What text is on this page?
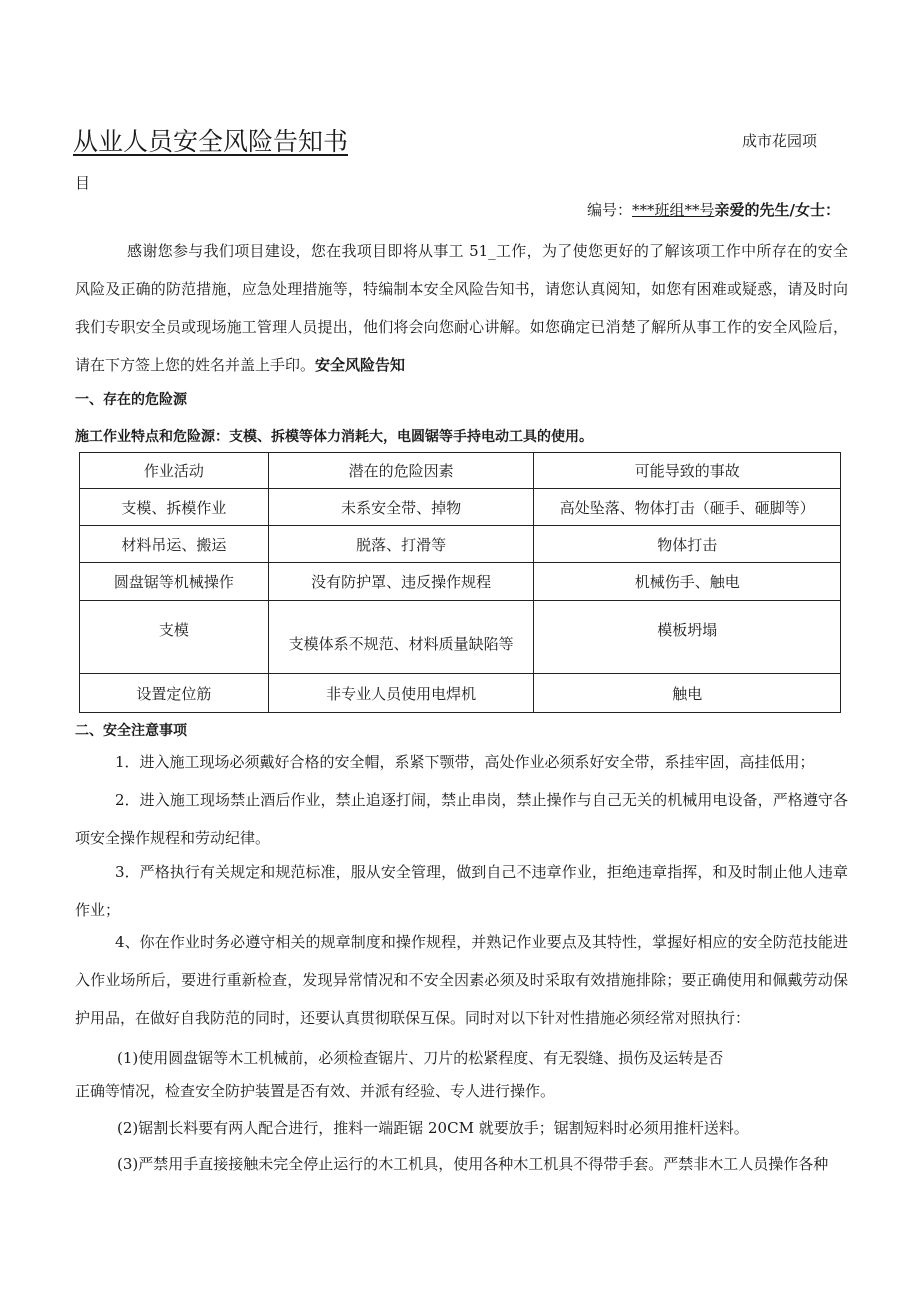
从业人员安全风险告知书	成市花园项
目
编号：***班组**号亲爱的先生/女士：
感谢您参与我们项目建设，您在我项目即将从事工 51_工作，为了使您更好的了解该项工作中所存在的安全风险及正确的防范措施，应急处理措施等，特编制本安全风险告知书，请您认真阅知，如您有困难或疑惑，请及时向我们专职安全员或现场施工管理人员提出，他们将会向您耐心讲解。如您确定已消楚了解所从事工作的安全风险后，请在下方签上您的姓名并盖上手印。安全风险告知
一、存在的危险源
施工作业特点和危险源：支模、拆模等体力消耗大，电圆锯等手持电动工具的使用。
作业活动	潜在的危险因素	可能导致的事故
支模、拆模作业	未系安全带、掉物	高处坠落、物体打击（砸手、砸脚等）
材料吊运、搬运	脱落、打滑等	物体打击
圆盘锯等机械操作	没有防护罩、违反操作规程	机械伤手、触电
支模	支模体系不规范、材料质量缺陷等	模板坍塌
设置定位筋	非专业人员使用电焊机	触电
二、安全注意事项
1．进入施工现场必须戴好合格的安全帽，系紧下颚带，高处作业必须系好安全带，系挂牢固，高挂低用；
2．进入施工现场禁止酒后作业，禁止追逐打闹，禁止串岗，禁止操作与自己无关的机械用电设备，严格遵守各项安全操作规程和劳动纪律。
3．严格执行有关规定和规范标准，服从安全管理，做到自己不违章作业，拒绝违章指挥，和及时制止他人违章作业；
4、你在作业时务必遵守相关的规章制度和操作规程，并熟记作业要点及其特性，掌握好相应的安全防范技能进入作业场所后，要进行重新检查，发现异常情况和不安全因素必须及时采取有效措施排除；要正确使用和佩戴劳动保护用品，在做好自我防范的同时，还要认真贯彻联保互保。同时对以下针对性措施必须经常对照执行：
(1)使用圆盘锯等木工机械前，必须检查锯片、刀片的松紧程度、有无裂缝、损伤及运转是否
正确等情况，检查安全防护装置是否有效、并派有经验、专人进行操作。
(2)锯割长料要有两人配合进行，推料一端距锯 20CM 就要放手；锯割短料时必须用推杆送料。
(3)严禁用手直接接触未完全停止运行的木工机具，使用各种木工机具不得带手套。严禁非木工人员操作各种
